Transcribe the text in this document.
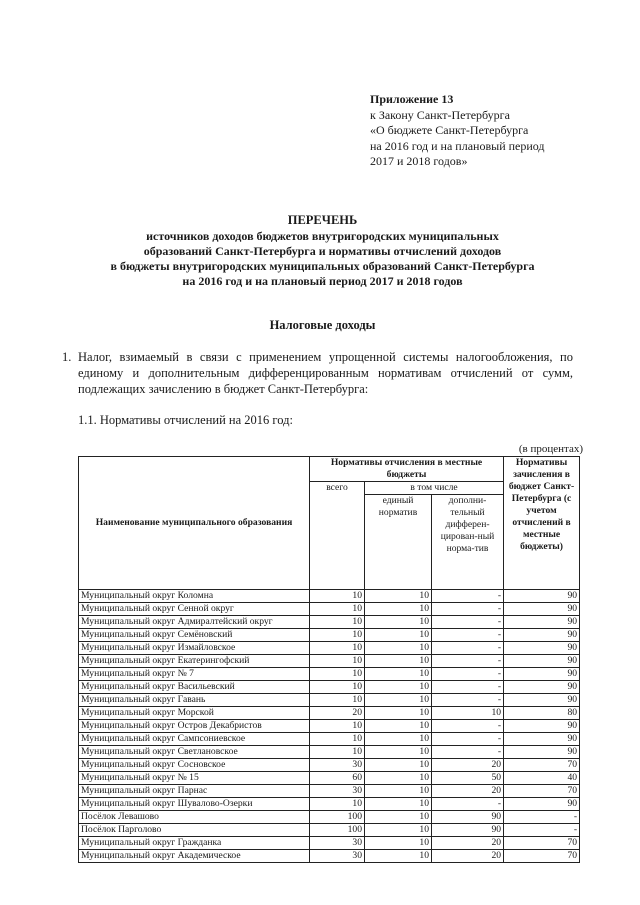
Приложение 13
к Закону Санкт-Петербурга
«О бюджете Санкт-Петербурга
на 2016 год и на плановый период
2017 и 2018 годов»
ПЕРЕЧЕНЬ
источников доходов бюджетов внутригородских муниципальных
образований Санкт-Петербурга и нормативы отчислений доходов
в бюджеты внутригородских муниципальных образований Санкт-Петербурга
на 2016 год и на плановый период 2017 и 2018 годов
Налоговые доходы
1. Налог, взимаемый в связи с применением упрощенной системы налогообложения, по единому и дополнительным дифференцированным нормативам отчислений от сумм, подлежащих зачислению в бюджет Санкт-Петербурга:
1.1. Нормативы отчислений на 2016 год:
(в процентах)
Наименование муниципального образования	Нормативы отчисления в местные бюджеты			Нормативы зачисления в бюджет Санкт-Петербурга (с учетом отчислений в местные бюджеты)
	всего	в том числе		
		единый норматив	дополни-тельный дифферен-цирован-ный норма-тив	
Муниципальный округ Коломна	10	10	-	90
Муниципальный округ Сенной округ	10	10	-	90
Муниципальный округ Адмиралтейский округ	10	10	-	90
Муниципальный округ Семёновский	10	10	-	90
Муниципальный округ Измайловское	10	10	-	90
Муниципальный округ Екатерингофский	10	10	-	90
Муниципальный округ № 7	10	10	-	90
Муниципальный округ Васильевский	10	10	-	90
Муниципальный округ Гавань	10	10	-	90
Муниципальный округ Морской	20	10	10	80
Муниципальный округ Остров Декабристов	10	10	-	90
Муниципальный округ Сампсониевское	10	10	-	90
Муниципальный округ Светлановское	10	10	-	90
Муниципальный округ Сосновское	30	10	20	70
Муниципальный округ № 15	60	10	50	40
Муниципальный округ Парнас	30	10	20	70
Муниципальный округ Шувалово-Озерки	10	10	-	90
Посёлок Левашово	100	10	90	-
Посёлок Парголово	100	10	90	-
Муниципальный округ Гражданка	30	10	20	70
Муниципальный округ Академическое	30	10	20	70
